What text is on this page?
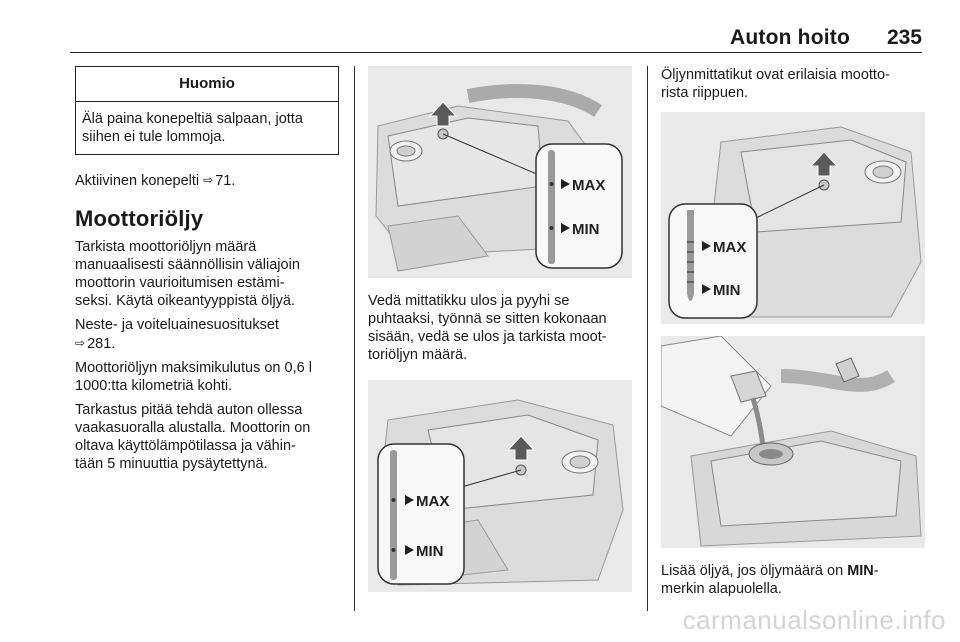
Auton hoito 235
Huomio
Älä paina konepeltiä salpaan, jotta siihen ei tule lommoja.

Aktiivinen konepelti ⇨ 71.

Moottoriöljy

Tarkista moottoriöljyn määrä
manuaalisesti säännöllisin väliajoin
moottorin vaurioitumisen estämi-
seksi. Käytä oikeantyyppistä öljyä.

Neste- ja voiteluainesuositukset
⇨ 281.

Moottoriöljyn maksimikulutus on 0,6 l
1000:tta kilometriä kohti.

Tarkastus pitää tehdä auton ollessa
vaakasuoralla alustalla. Moottorin on
oltava käyttölämpötilassa ja vähin-
tään 5 minuuttia pysäytettynä.

MAX
MIN

Vedä mittatikku ulos ja pyyhi se
puhtaaksi, työnnä se sitten kokonaan
sisään, vedä se ulos ja tarkista moot-
toriöljyn määrä.

MAX
MIN

Öljynmittatikut ovat erilaisia mootto-
rista riippuen.

MAX
MIN

Lisää öljyä, jos öljymäärä on MIN-
merkin alapuolella.

carmanualsonline.info
